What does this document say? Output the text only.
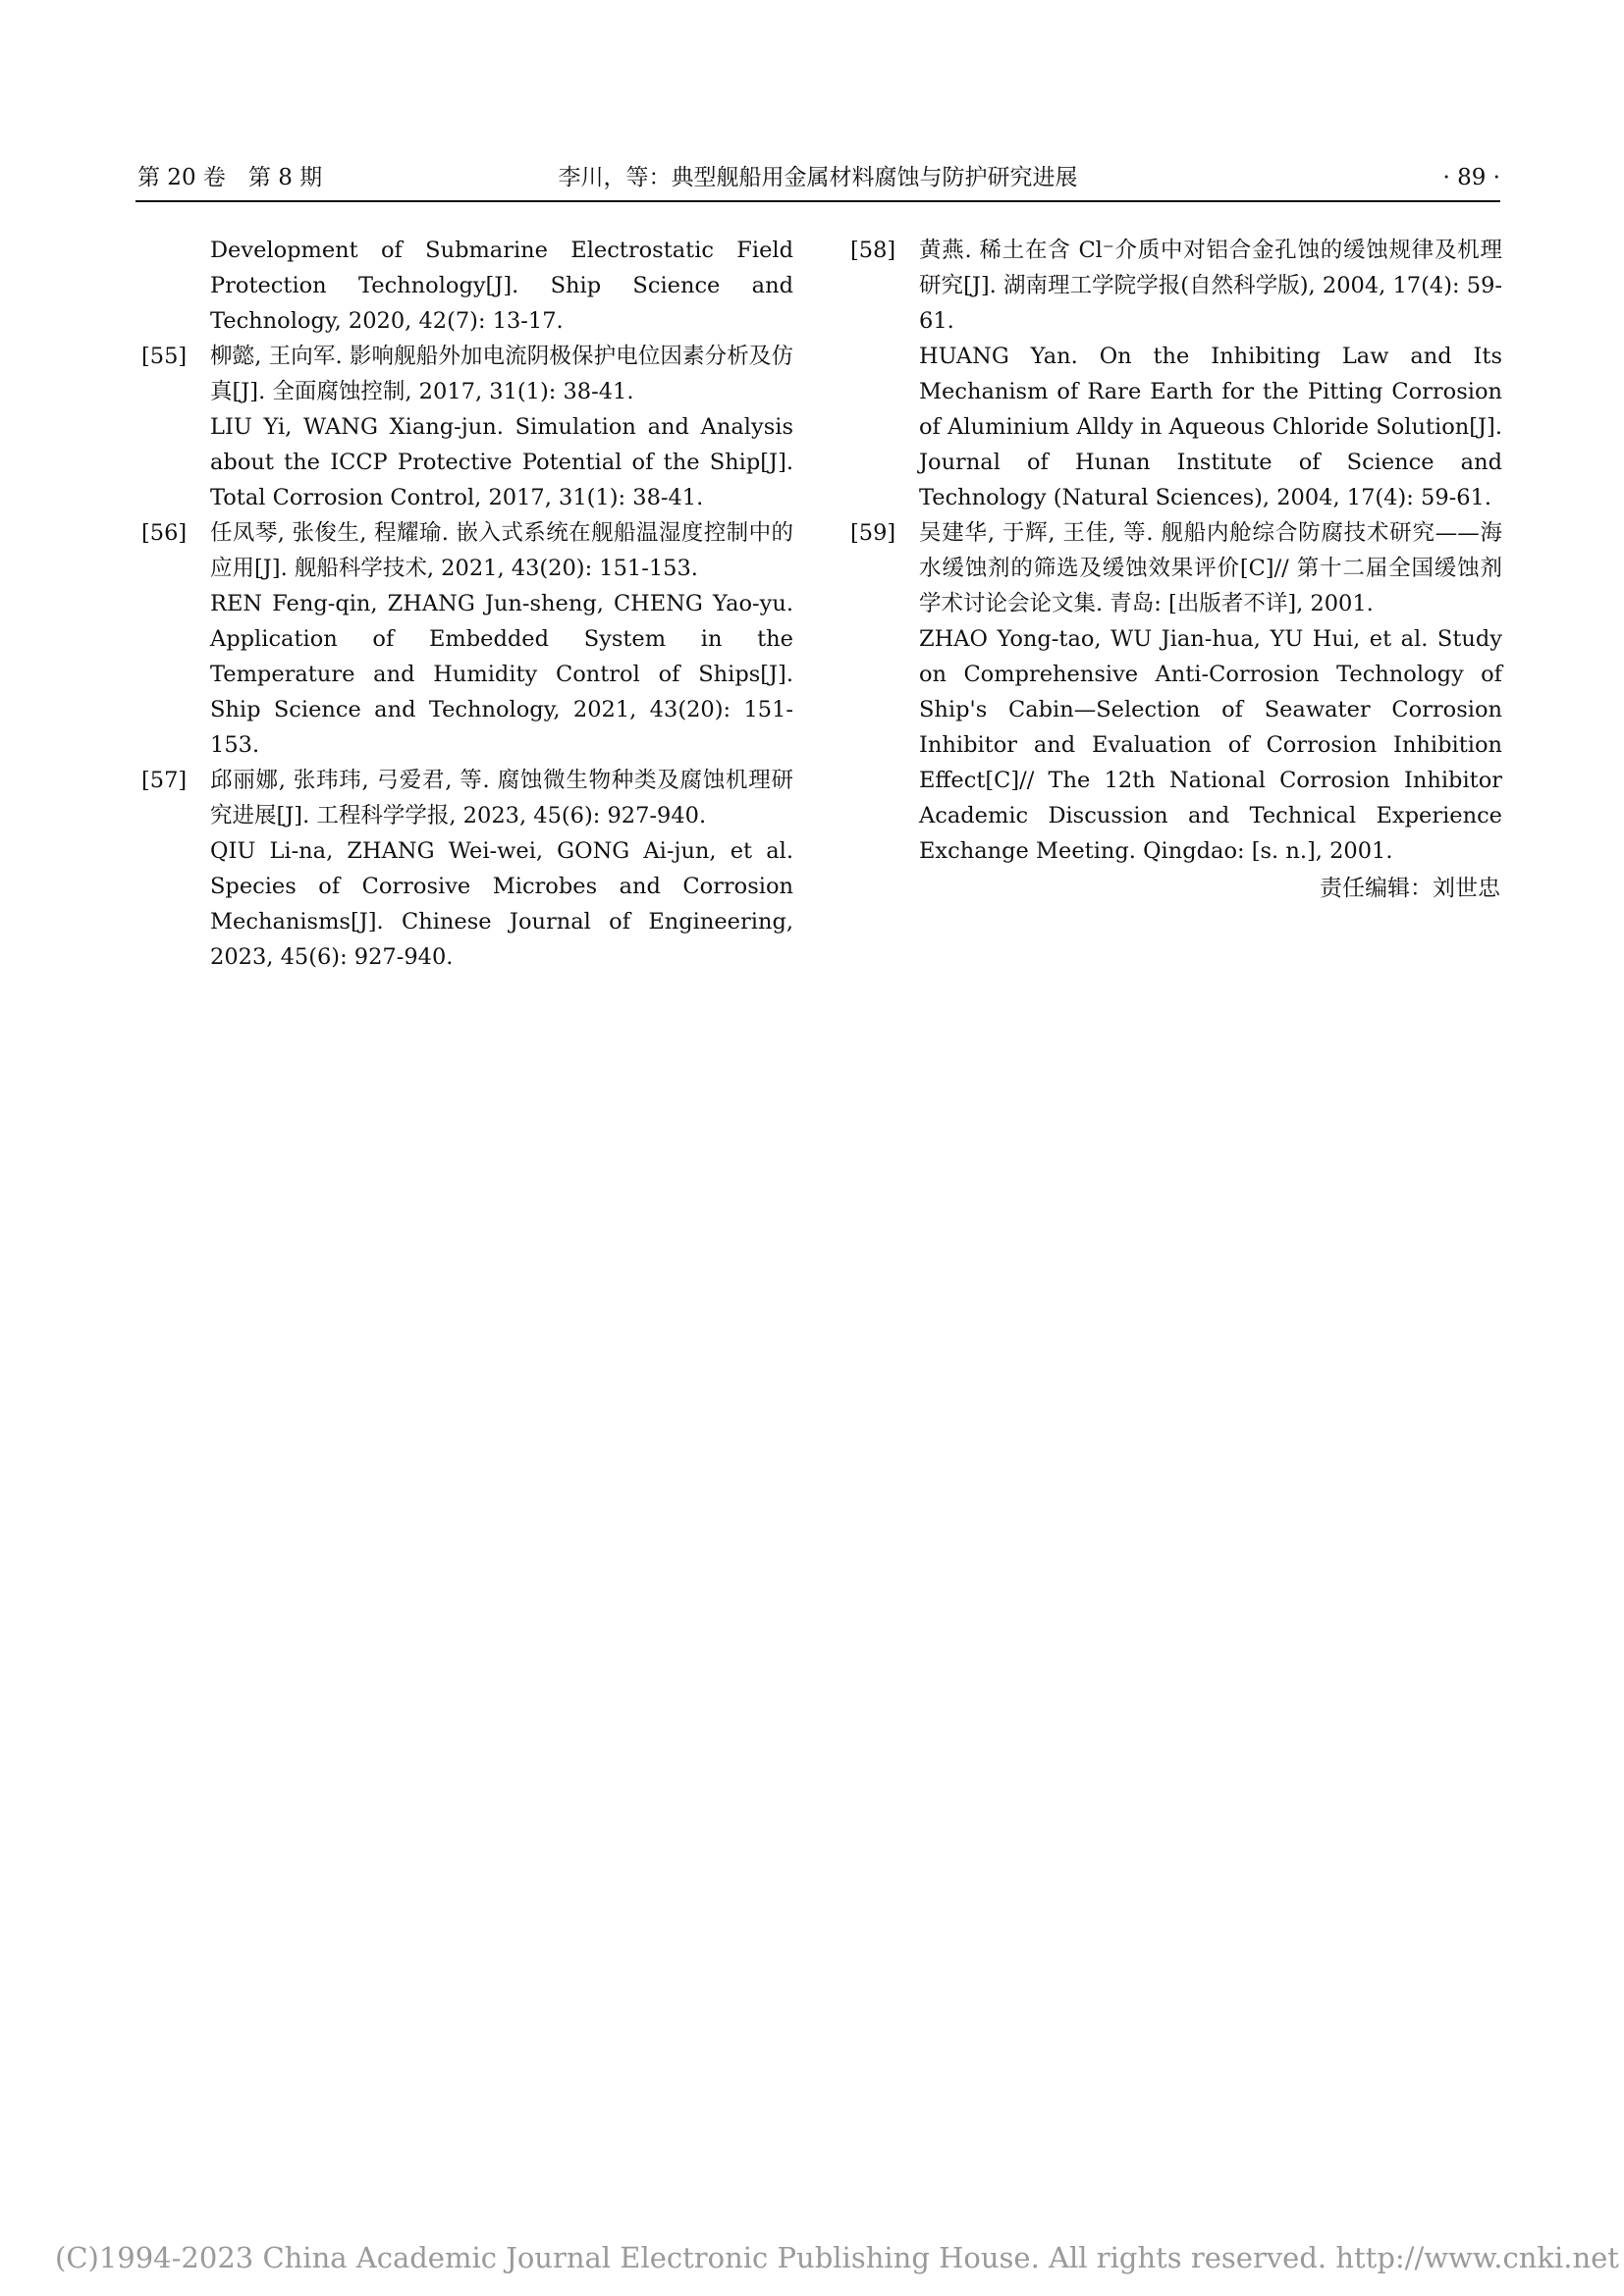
第 20 卷　第 8 期	李川，等：典型舰船用金属材料腐蚀与防护研究进展	· 89 ·

Development of Submarine Electrostatic Field Protection Technology[J]. Ship Science and Technology, 2020, 42(7): 13-17.

[55] 柳懿, 王向军. 影响舰船外加电流阴极保护电位因素分析及仿真[J]. 全面腐蚀控制, 2017, 31(1): 38-41.

LIU Yi, WANG Xiang-jun. Simulation and Analysis about the ICCP Protective Potential of the Ship[J]. Total Corrosion Control, 2017, 31(1): 38-41.

[56] 任凤琴, 张俊生, 程耀瑜. 嵌入式系统在舰船温湿度控制中的应用[J]. 舰船科学技术, 2021, 43(20): 151-153.

REN Feng-qin, ZHANG Jun-sheng, CHENG Yao-yu. Application of Embedded System in the Temperature and Humidity Control of Ships[J]. Ship Science and Technology, 2021, 43(20): 151-153.

[57] 邱丽娜, 张玮玮, 弓爱君, 等. 腐蚀微生物种类及腐蚀机理研究进展[J]. 工程科学学报, 2023, 45(6): 927-940.

QIU Li-na, ZHANG Wei-wei, GONG Ai-jun, et al. Species of Corrosive Microbes and Corrosion Mechanisms[J]. Chinese Journal of Engineering, 2023, 45(6): 927-940.

[58] 黄燕. 稀土在含 Cl⁻介质中对铝合金孔蚀的缓蚀规律及机理研究[J]. 湖南理工学院学报(自然科学版), 2004, 17(4): 59-61.

HUANG Yan. On the Inhibiting Law and Its Mechanism of Rare Earth for the Pitting Corrosion of Aluminium Alldy in Aqueous Chloride Solution[J]. Journal of Hunan Institute of Science and Technology (Natural Sciences), 2004, 17(4): 59-61.

[59] 吴建华, 于辉, 王佳, 等. 舰船内舱综合防腐技术研究——海水缓蚀剂的筛选及缓蚀效果评价[C]// 第十二届全国缓蚀剂学术讨论会论文集. 青岛: [出版者不详], 2001.

ZHAO Yong-tao, WU Jian-hua, YU Hui, et al. Study on Comprehensive Anti-Corrosion Technology of Ship's Cabin—Selection of Seawater Corrosion Inhibitor and Evaluation of Corrosion Inhibition Effect[C]// The 12th National Corrosion Inhibitor Academic Discussion and Technical Experience Exchange Meeting. Qingdao: [s. n.], 2001.

责任编辑：刘世忠
(C)1994-2023 China Academic Journal Electronic Publishing House. All rights reserved. http://www.cnki.net
